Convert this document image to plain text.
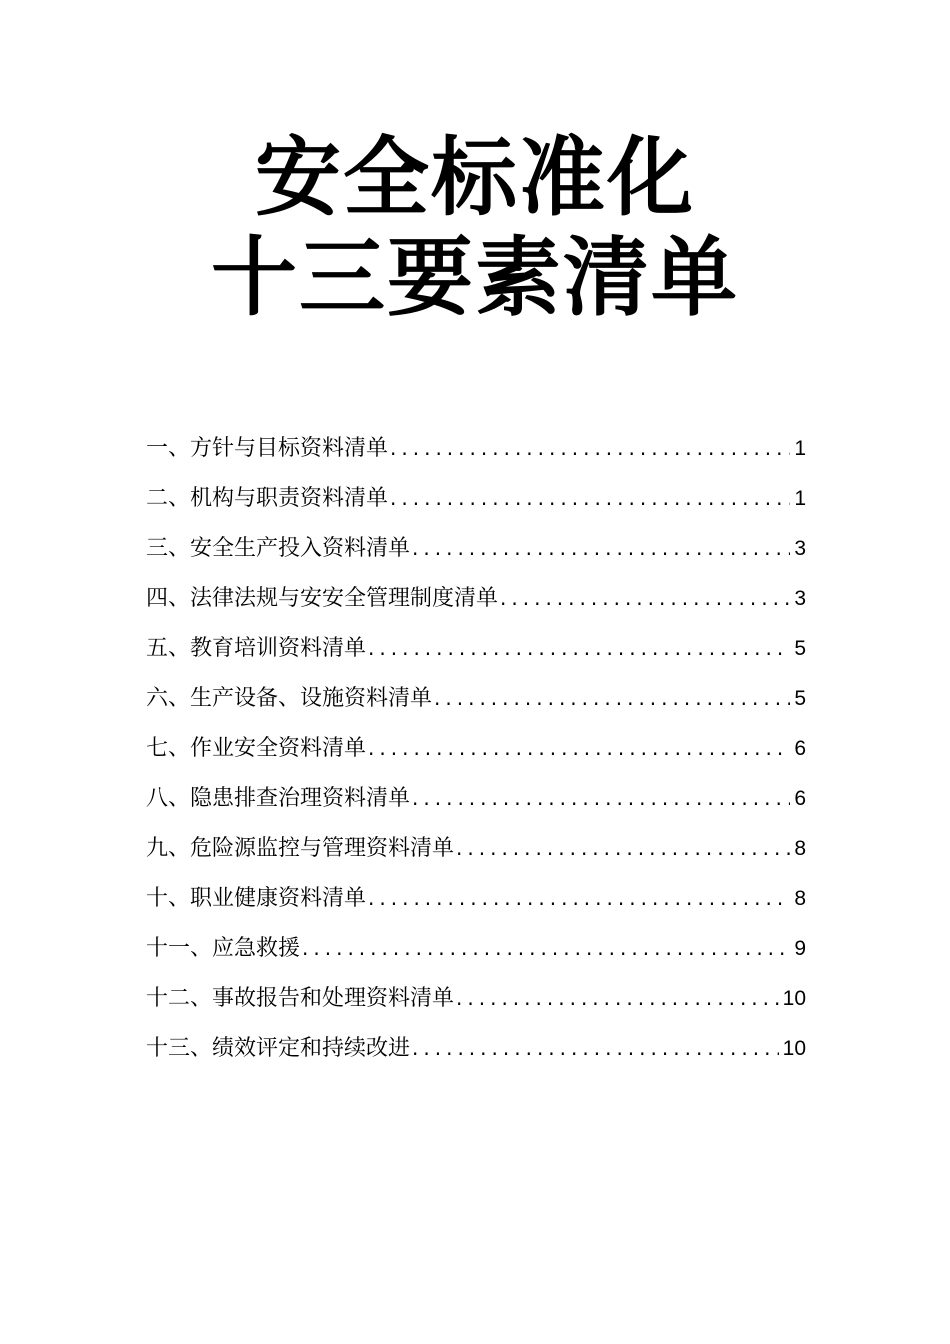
安全标准化
十三要素清单
一、方针与目标资料清单 .....	1
二、机构与职责资料清单 .....	1
三、安全生产投入资料清单 .....	3
四、法律法规与安安全管理制度清单 .....	3
五、教育培训资料清单 .....	5
六、生产设备、设施资料清单 .....	5
七、作业安全资料清单 .....	6
八、隐患排查治理资料清单 .....	6
九、危险源监控与管理资料清单 .....	8
十、职业健康资料清单 .....	8
十一、应急救援 .....	9
十二、事故报告和处理资料清单 .....	10
十三、绩效评定和持续改进 .....	10
